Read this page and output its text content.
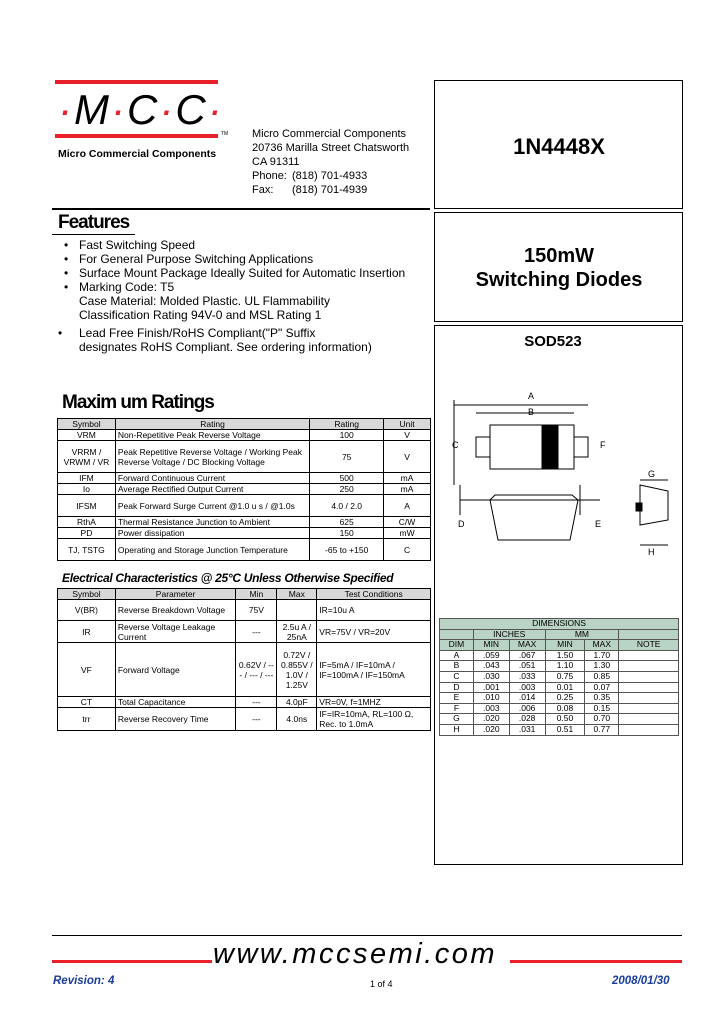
·M·C·C·
TM
Micro Commercial Components
Micro Commercial Components
20736 Marilla Street Chatsworth
CA 91311
Phone: (818) 701-4933
Fax: (818) 701-4939
1N4448X
150mW
Switching Diodes
SOD523
Features
• Fast Switching Speed
• For General Purpose Switching Applications
• Surface Mount Package Ideally Suited for Automatic Insertion
• Marking Code: T5
Case Material: Molded Plastic. UL Flammability
Classification Rating 94V-0 and MSL Rating 1
• Lead Free Finish/RoHS Compliant("P" Suffix
designates RoHS Compliant. See ordering information)
Maxim um Ratings
Symbol	Rating	Rating	Unit
VRM	Non-Repetitive Peak Reverse Voltage	100	V
VRRM / VRWM / VR	Peak Repetitive Reverse Voltage / Working Peak Reverse Voltage / DC Blocking Voltage	75	V
IFM	Forward Continuous Current	500	mA
Io	Average Rectified Output Current	250	mA
IFSM	Peak Forward Surge Current @1.0 u s / @1.0s	4.0 / 2.0	A
RthA	Thermal Resistance Junction to Ambient	625	C/W
PD	Power dissipation	150	mW
TJ, TSTG	Operating and Storage Junction Temperature	-65 to +150	C
Electrical Characteristics @ 25°C Unless Otherwise Specified
Symbol	Parameter	Min	Max	Test Conditions
V(BR)	Reverse Breakdown Voltage	75V		IR=10u A
IR	Reverse Voltage Leakage Current	---	2.5u A / 25nA	VR=75V / VR=20V
VF	Forward Voltage	0.62V / --- / --- / ---	0.72V / 0.855V / 1.0V / 1.25V	IF=5mA / IF=10mA / IF=100mA / IF=150mA
CT	Total Capacitance	---	4.0pF	VR=0V, f=1MHZ
trr	Reverse Recovery Time	---	4.0ns	IF=IR=10mA, RL=100 Ω, Rec. to 1.0mA
A
B
C	F
D	E
G
H
DIMENSIONS					
	INCHES		MM		
DIM	MIN	MAX	MIN	MAX	NOTE
A	.059	.067	1.50	1.70	
B	.043	.051	1.10	1.30	
C	.030	.033	0.75	0.85	
D	.001	.003	0.01	0.07	
E	.010	.014	0.25	0.35	
F	.003	.006	0.08	0.15	
G	.020	.028	0.50	0.70	
H	.020	.031	0.51	0.77	
www.mccsemi.com
Revision: 4	1 of 4	2008/01/30
